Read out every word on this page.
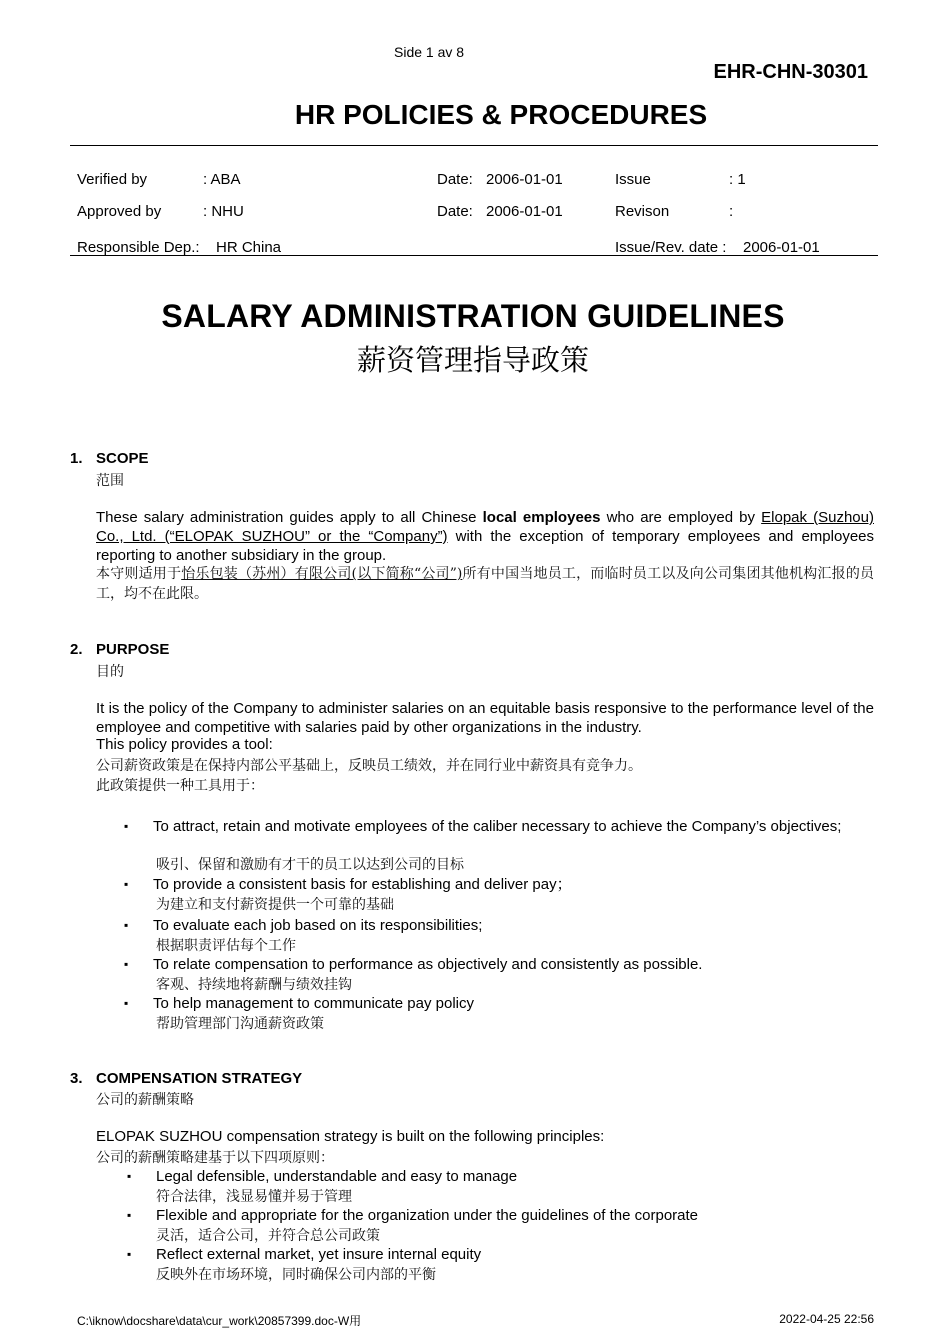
Side 1 av 8
EHR-CHN-30301
HR POLICIES & PROCEDURES
Verified by	: ABA	Date: 2006-01-01	Issue	: 1
Approved by	: NHU	Date: 2006-01-01	Revison	:
Responsible Dep.: HR China	Issue/Rev. date : 2006-01-01
SALARY ADMINISTRATION GUIDELINES
薪资管理指导政策
1. SCOPE
范围
These salary administration guides apply to all Chinese local employees who are employed by Elopak (Suzhou) Co., Ltd. (“ELOPAK SUZHOU” or the “Company”) with the exception of temporary employees and employees reporting to another subsidiary in the group.
本守则适用于怡乐包装（苏州）有限公司(以下简称“公司”)所有中国当地员工，而临时员工以及向公司集团其他机构汇报的员工，均不在此限。
2. PURPOSE
目的
It is the policy of the Company to administer salaries on an equitable basis responsive to the performance level of the employee and competitive with salaries paid by other organizations in the industry.
This policy provides a tool:
公司薪资政策是在保持内部公平基础上，反映员工绩效，并在同行业中薪资具有竞争力。
此政策提供一种工具用于：
▪ To attract, retain and motivate employees of the caliber necessary to achieve the Company’s objectives;
吸引、保留和激励有才干的员工以达到公司的目标
▪ To provide a consistent basis for establishing and deliver pay；
为建立和支付薪资提供一个可靠的基础
▪ To evaluate each job based on its responsibilities;
根据职责评估每个工作
▪ To relate compensation to performance as objectively and consistently as possible.
客观、持续地将薪酬与绩效挂钩
▪ To help management to communicate pay policy
帮助管理部门沟通薪资政策
3. COMPENSATION STRATEGY
公司的薪酬策略
ELOPAK SUZHOU compensation strategy is built on the following principles:
公司的薪酬策略建基于以下四项原则：
▪ Legal defensible, understandable and easy to manage
符合法律，浅显易懂并易于管理
▪ Flexible and appropriate for the organization under the guidelines of the corporate
灵活，适合公司，并符合总公司政策
▪ Reflect external market, yet insure internal equity
反映外在市场环境，同时确保公司内部的平衡
C:\iknow\docshare\data\cur_work\20857399.doc-W用	2022-04-25 22:56
